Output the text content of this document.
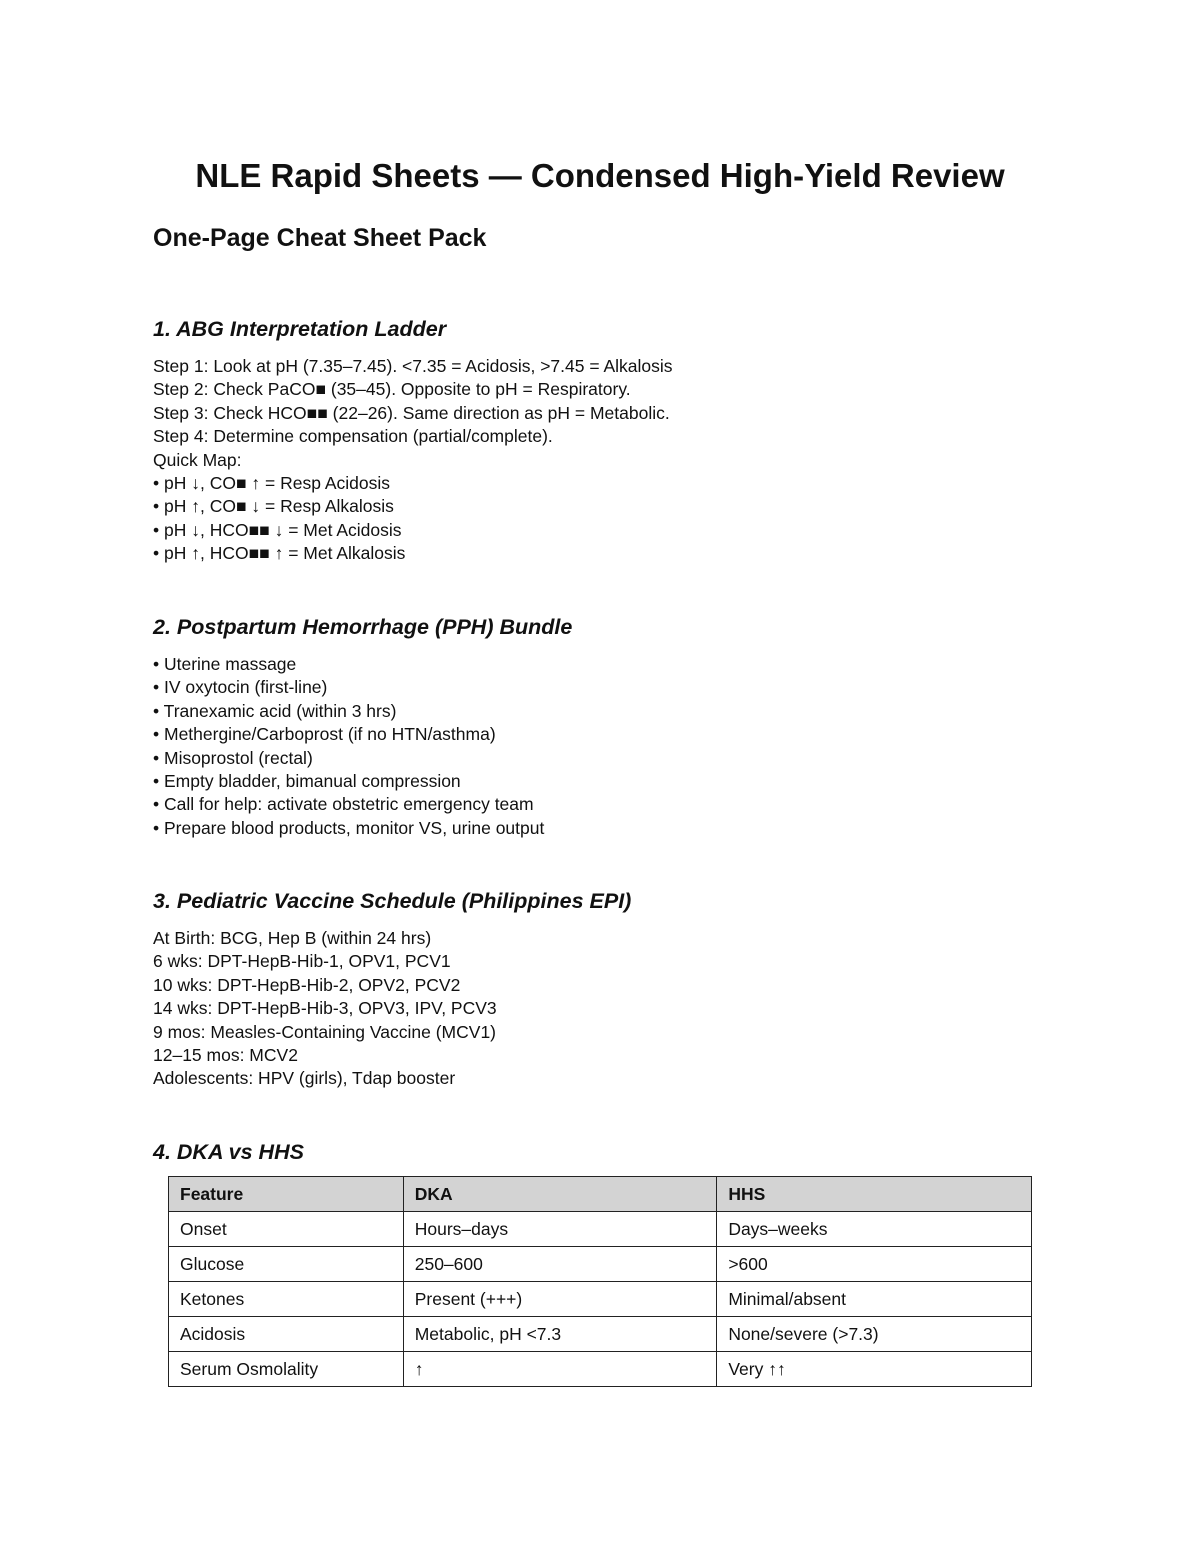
NLE Rapid Sheets — Condensed High-Yield Review
One-Page Cheat Sheet Pack
1. ABG Interpretation Ladder
Step 1: Look at pH (7.35–7.45). <7.35 = Acidosis, >7.45 = Alkalosis
Step 2: Check PaCO■ (35–45). Opposite to pH = Respiratory.
Step 3: Check HCO■■ (22–26). Same direction as pH = Metabolic.
Step 4: Determine compensation (partial/complete).
Quick Map:
• pH ↓, CO■ ↑ = Resp Acidosis
• pH ↑, CO■ ↓ = Resp Alkalosis
• pH ↓, HCO■■ ↓ = Met Acidosis
• pH ↑, HCO■■ ↑ = Met Alkalosis
2. Postpartum Hemorrhage (PPH) Bundle
• Uterine massage
• IV oxytocin (first-line)
• Tranexamic acid (within 3 hrs)
• Methergine/Carboprost (if no HTN/asthma)
• Misoprostol (rectal)
• Empty bladder, bimanual compression
• Call for help: activate obstetric emergency team
• Prepare blood products, monitor VS, urine output
3. Pediatric Vaccine Schedule (Philippines EPI)
At Birth: BCG, Hep B (within 24 hrs)
6 wks: DPT-HepB-Hib-1, OPV1, PCV1
10 wks: DPT-HepB-Hib-2, OPV2, PCV2
14 wks: DPT-HepB-Hib-3, OPV3, IPV, PCV3
9 mos: Measles-Containing Vaccine (MCV1)
12–15 mos: MCV2
Adolescents: HPV (girls), Tdap booster
4. DKA vs HHS
Feature	DKA	HHS
Onset	Hours–days	Days–weeks
Glucose	250–600	>600
Ketones	Present (+++)	Minimal/absent
Acidosis	Metabolic, pH <7.3	None/severe (>7.3)
Serum Osmolality	↑	Very ↑↑
